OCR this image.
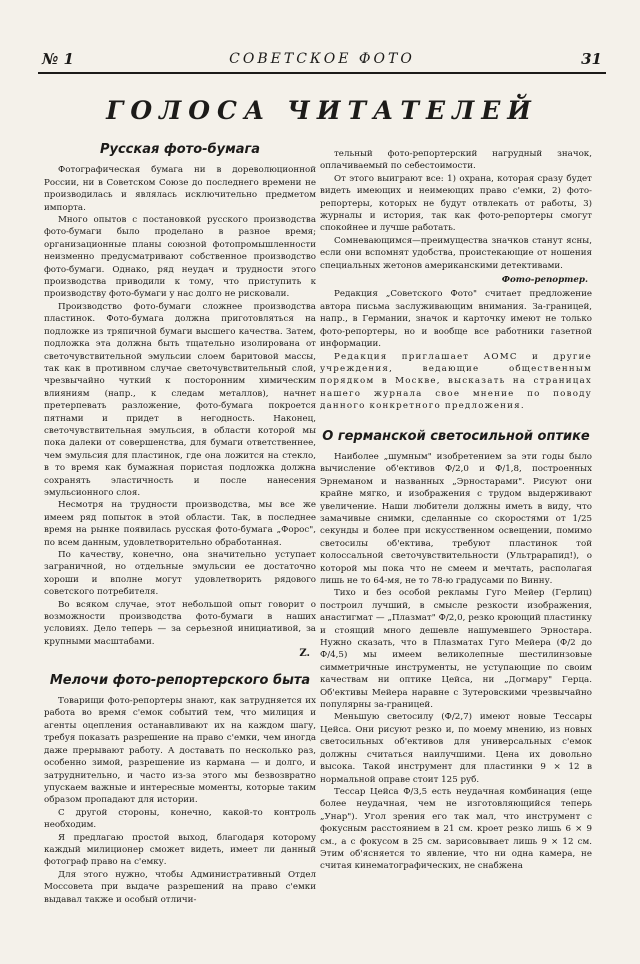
№ 1	СОВЕТСКОЕ ФОТО	31
ГОЛОСА ЧИТАТЕЛЕЙ
Русская фото-бумага

Фотографическая бумага ни в дореволюционной России, ни в Советском Союзе до последнего времени не производилась и являлась исключительно предметом импорта.

Много опытов с постановкой русского производства фото-бумаги было проделано в разное время; организационные планы союзной фотопромышленности неизменно предусматривают собственное производство фото-бумаги. Однако, ряд неудач и трудности этого производства приводили к тому, что приступить к производству фото-бумаги у нас долго не рисковали.

Производство фото-бумаги сложнее производства пластинок. Фото-бумага должна приготовляться на подложке из тряпичной бумаги высшего качества. Затем, подложка эта должна быть тщательно изолирована от светочувствительной эмульсии слоем баритовой массы, так как в противном случае светочувствительный слой, чрезвычайно чуткий к посторонним химическим влияниям (напр., к следам металлов), начнет претерпевать разложение, фото-бумага покроется пятнами и придет в негодность. Наконец, светочувствительная эмульсия, в области которой мы пока далеки от совершенства, для бумаги ответственнее, чем эмульсия для пластинок, где она ложится на стекло, в то время как бумажная пористая подложка должна сохранять эластичность и после нанесения эмульсионного слоя.

Несмотря на трудности производства, мы все же имеем ряд попыток в этой области. Так, в последнее время на рынке появилась русская фото-бумага „Форос", по всем данным, удовлетворительно обработанная.

По качеству, конечно, она значительно уступает заграничной, но отдельные эмульсии ее достаточно хороши и вполне могут удовлетворить рядового советского потребителя.

Во всяком случае, этот небольшой опыт говорит о возможности производства фото-бумаги в наших условиях. Дело теперь — за серьезной инициативой, за крупными масштабами.

Z.
Мелочи фото-репортерского быта

Товарищи фото-репортеры знают, как затрудняется их работа во время с'емок событий тем, что милиция и агенты оцепления останавливают их на каждом шагу, требуя показать разрешение на право с'емки, чем иногда даже прерывают работу. А доставать по несколько раз, особенно зимой, разрешение из кармана — и долго, и затруднительно, и часто из-за этого мы безвозвратно упускаем важные и интересные моменты, которые таким образом пропадают для истории.

С другой стороны, конечно, какой-то контроль необходим.

Я предлагаю простой выход, благодаря которому каждый милиционер сможет видеть, имеет ли данный фотограф право на с'емку.

Для этого нужно, чтобы Административный Отдел Моссовета при выдаче разрешений на право с'емки выдавал также и особый отличи-

тельный фото-репортерский нагрудный значок, оплачиваемый по себестоимости.

От этого выиграют все: 1) охрана, которая сразу будет видеть имеющих и неимеющих право с'емки, 2) фото-репортеры, которых не будут отвлекать от работы, 3) журналы и история, так как фото-репортеры смогут спокойнее и лучше работать.

Сомневающимся—преимущества значков станут ясны, если они вспомнят удобства, проистекающие от ношения специальных жетонов американскими детективами.

Фото-репортер.

Редакция „Советского Фото" считает предложение автора письма заслуживающим внимания. За-границей, напр., в Германии, значок и карточку имеют не только фото-репортеры, но и вообще все работники газетной информации.

Редакция приглашает АОМС и другие учреждения, ведающие общественным порядком в Москве, высказать на страницах нашего журнала свое мнение по поводу данного конкретного предложения.

О германской светосильной оптике

Наиболее „шумным" изобретением за эти годы было вычисление об'ективов Ф/2,0 и Ф/1,8, построенных Эрнеманом и названных „Эрностарами". Рисуют они крайне мягко, и изображения с трудом выдерживают увеличение. Наши любители должны иметь в виду, что замачивые снимки, сделанные со скоростями от 1/25 секунды и более при искусственном освещении, помимо светосилы об'ектива, требуют пластинок той колоссальной светочувствительности (Ультрарапид!), о которой мы пока что не смеем и мечтать, располагая лишь не то 64-мя, не то 78-ю градусами по Винну.

Тихо и без особой рекламы Гуго Мейер (Герлиц) построил лучший, в смысле резкости изображения, анастигмат — „Плазмат" Ф/2,0, резко кроющий пластинку и стоящий много дешевле нашумевшего Эрностара. Нужно сказать, что в Плазматах Гуго Мейера (Ф/2 до Ф/4,5) мы имеем великолепные шестилинзовые симметричные инструменты, не уступающие по своим качествам ни оптике Цейса, ни „Догмару" Герца. Об'ективы Мейера наравне с Зутеровскими чрезвычайно популярны за-границей.

Меньшую светосилу (Ф/2,7) имеют новые Тессары Цейса. Они рисуют резко и, по моему мнению, из новых светосильных об'ективов для универсальных с'емок должны считаться наилучшими. Цена их довольно высока. Такой инструмент для пластинки 9 × 12 в нормальной оправе стоит 125 руб.

Тессар Цейса Ф/3,5 есть неудачная комбинация (еще более неудачная, чем не изготовляющийся теперь „Унар"). Угол зрения его так мал, что инструмент с фокусным расстоянием в 21 см. кроет резко лишь 6 × 9 см., а с фокусом в 25 см. зарисовывает лишь 9 × 12 см. Этим об'ясняется то явление, что ни одна камера, не считая кинематографических, не снабжена
